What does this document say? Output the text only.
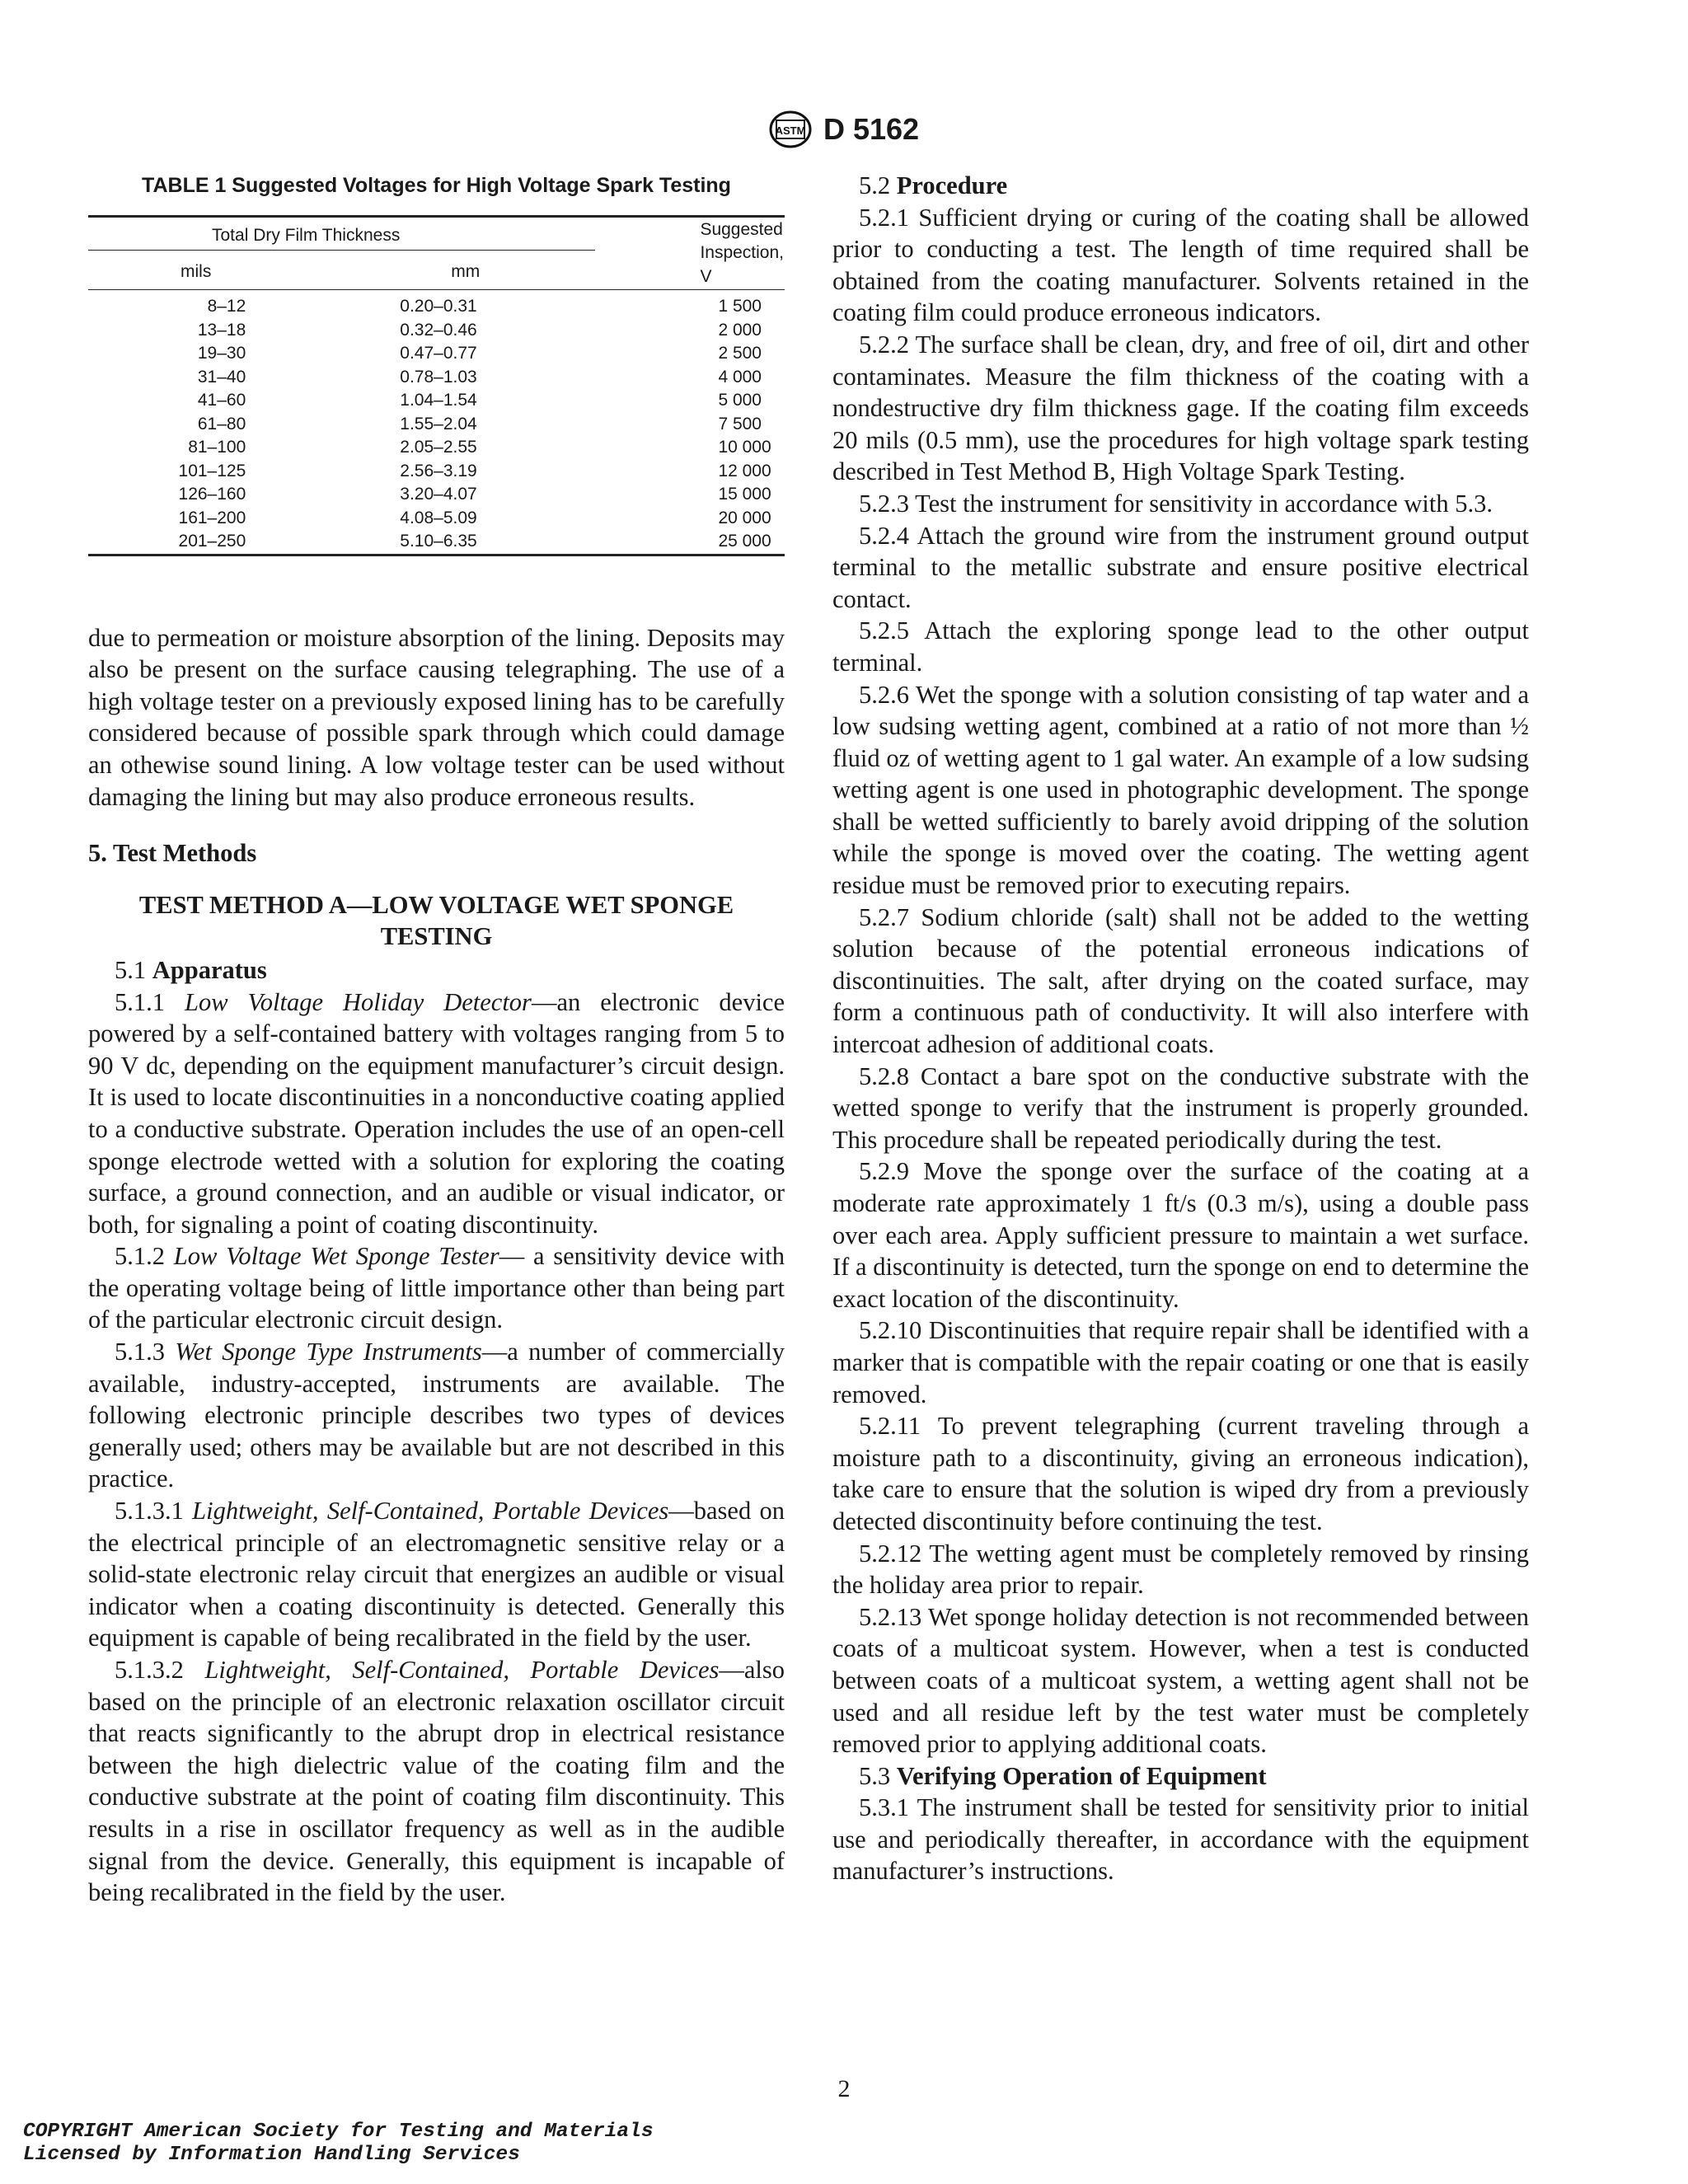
ASTM D 5162
TABLE 1 Suggested Voltages for High Voltage Spark Testing
Total Dry Film Thickness		Suggested Inspection, V
mils	mm	

8–12	0.20–0.31	1 500
13–18	0.32–0.46	2 000
19–30	0.47–0.77	2 500
31–40	0.78–1.03	4 000
41–60	1.04–1.54	5 000
61–80	1.55–2.04	7 500
81–100	2.05–2.55	10 000
101–125	2.56–3.19	12 000
126–160	3.20–4.07	15 000
161–200	4.08–5.09	20 000
201–250	5.10–6.35	25 000

due to permeation or moisture absorption of the lining. Deposits may also be present on the surface causing telegraphing. The use of a high voltage tester on a previously exposed lining has to be carefully considered because of possible spark through which could damage an othewise sound lining. A low voltage tester can be used without damaging the lining but may also produce erroneous results.

5. Test Methods

TEST METHOD A—LOW VOLTAGE WET SPONGE TESTING

5.1 Apparatus

5.1.1 Low Voltage Holiday Detector—an electronic device powered by a self-contained battery with voltages ranging from 5 to 90 V dc, depending on the equipment manufacturer’s circuit design. It is used to locate discontinuities in a nonconductive coating applied to a conductive substrate. Operation includes the use of an open-cell sponge electrode wetted with a solution for exploring the coating surface, a ground connection, and an audible or visual indicator, or both, for signaling a point of coating discontinuity.

5.1.2 Low Voltage Wet Sponge Tester— a sensitivity device with the operating voltage being of little importance other than being part of the particular electronic circuit design.

5.1.3 Wet Sponge Type Instruments—a number of commercially available, industry-accepted, instruments are available. The following electronic principle describes two types of devices generally used; others may be available but are not described in this practice.

5.1.3.1 Lightweight, Self-Contained, Portable Devices—based on the electrical principle of an electromagnetic sensitive relay or a solid-state electronic relay circuit that energizes an audible or visual indicator when a coating discontinuity is detected. Generally this equipment is capable of being recalibrated in the field by the user.

5.1.3.2 Lightweight, Self-Contained, Portable Devices—also based on the principle of an electronic relaxation oscillator circuit that reacts significantly to the abrupt drop in electrical resistance between the high dielectric value of the coating film and the conductive substrate at the point of coating film discontinuity. This results in a rise in oscillator frequency as well as in the audible signal from the device. Generally, this equipment is incapable of being recalibrated in the field by the user.

5.2 Procedure

5.2.1 Sufficient drying or curing of the coating shall be allowed prior to conducting a test. The length of time required shall be obtained from the coating manufacturer. Solvents retained in the coating film could produce erroneous indicators.

5.2.2 The surface shall be clean, dry, and free of oil, dirt and other contaminates. Measure the film thickness of the coating with a nondestructive dry film thickness gage. If the coating film exceeds 20 mils (0.5 mm), use the procedures for high voltage spark testing described in Test Method B, High Voltage Spark Testing.

5.2.3 Test the instrument for sensitivity in accordance with 5.3.

5.2.4 Attach the ground wire from the instrument ground output terminal to the metallic substrate and ensure positive electrical contact.

5.2.5 Attach the exploring sponge lead to the other output terminal.

5.2.6 Wet the sponge with a solution consisting of tap water and a low sudsing wetting agent, combined at a ratio of not more than ½ fluid oz of wetting agent to 1 gal water. An example of a low sudsing wetting agent is one used in photographic development. The sponge shall be wetted sufficiently to barely avoid dripping of the solution while the sponge is moved over the coating. The wetting agent residue must be removed prior to executing repairs.

5.2.7 Sodium chloride (salt) shall not be added to the wetting solution because of the potential erroneous indications of discontinuities. The salt, after drying on the coated surface, may form a continuous path of conductivity. It will also interfere with intercoat adhesion of additional coats.

5.2.8 Contact a bare spot on the conductive substrate with the wetted sponge to verify that the instrument is properly grounded. This procedure shall be repeated periodically during the test.

5.2.9 Move the sponge over the surface of the coating at a moderate rate approximately 1 ft/s (0.3 m/s), using a double pass over each area. Apply sufficient pressure to maintain a wet surface. If a discontinuity is detected, turn the sponge on end to determine the exact location of the discontinuity.

5.2.10 Discontinuities that require repair shall be identified with a marker that is compatible with the repair coating or one that is easily removed.

5.2.11 To prevent telegraphing (current traveling through a moisture path to a discontinuity, giving an erroneous indication), take care to ensure that the solution is wiped dry from a previously detected discontinuity before continuing the test.

5.2.12 The wetting agent must be completely removed by rinsing the holiday area prior to repair.

5.2.13 Wet sponge holiday detection is not recommended between coats of a multicoat system. However, when a test is conducted between coats of a multicoat system, a wetting agent shall not be used and all residue left by the test water must be completely removed prior to applying additional coats.

5.3 Verifying Operation of Equipment

5.3.1 The instrument shall be tested for sensitivity prior to initial use and periodically thereafter, in accordance with the equipment manufacturer’s instructions.

2
COPYRIGHT American Society for Testing and Materials
Licensed by Information Handling Services
